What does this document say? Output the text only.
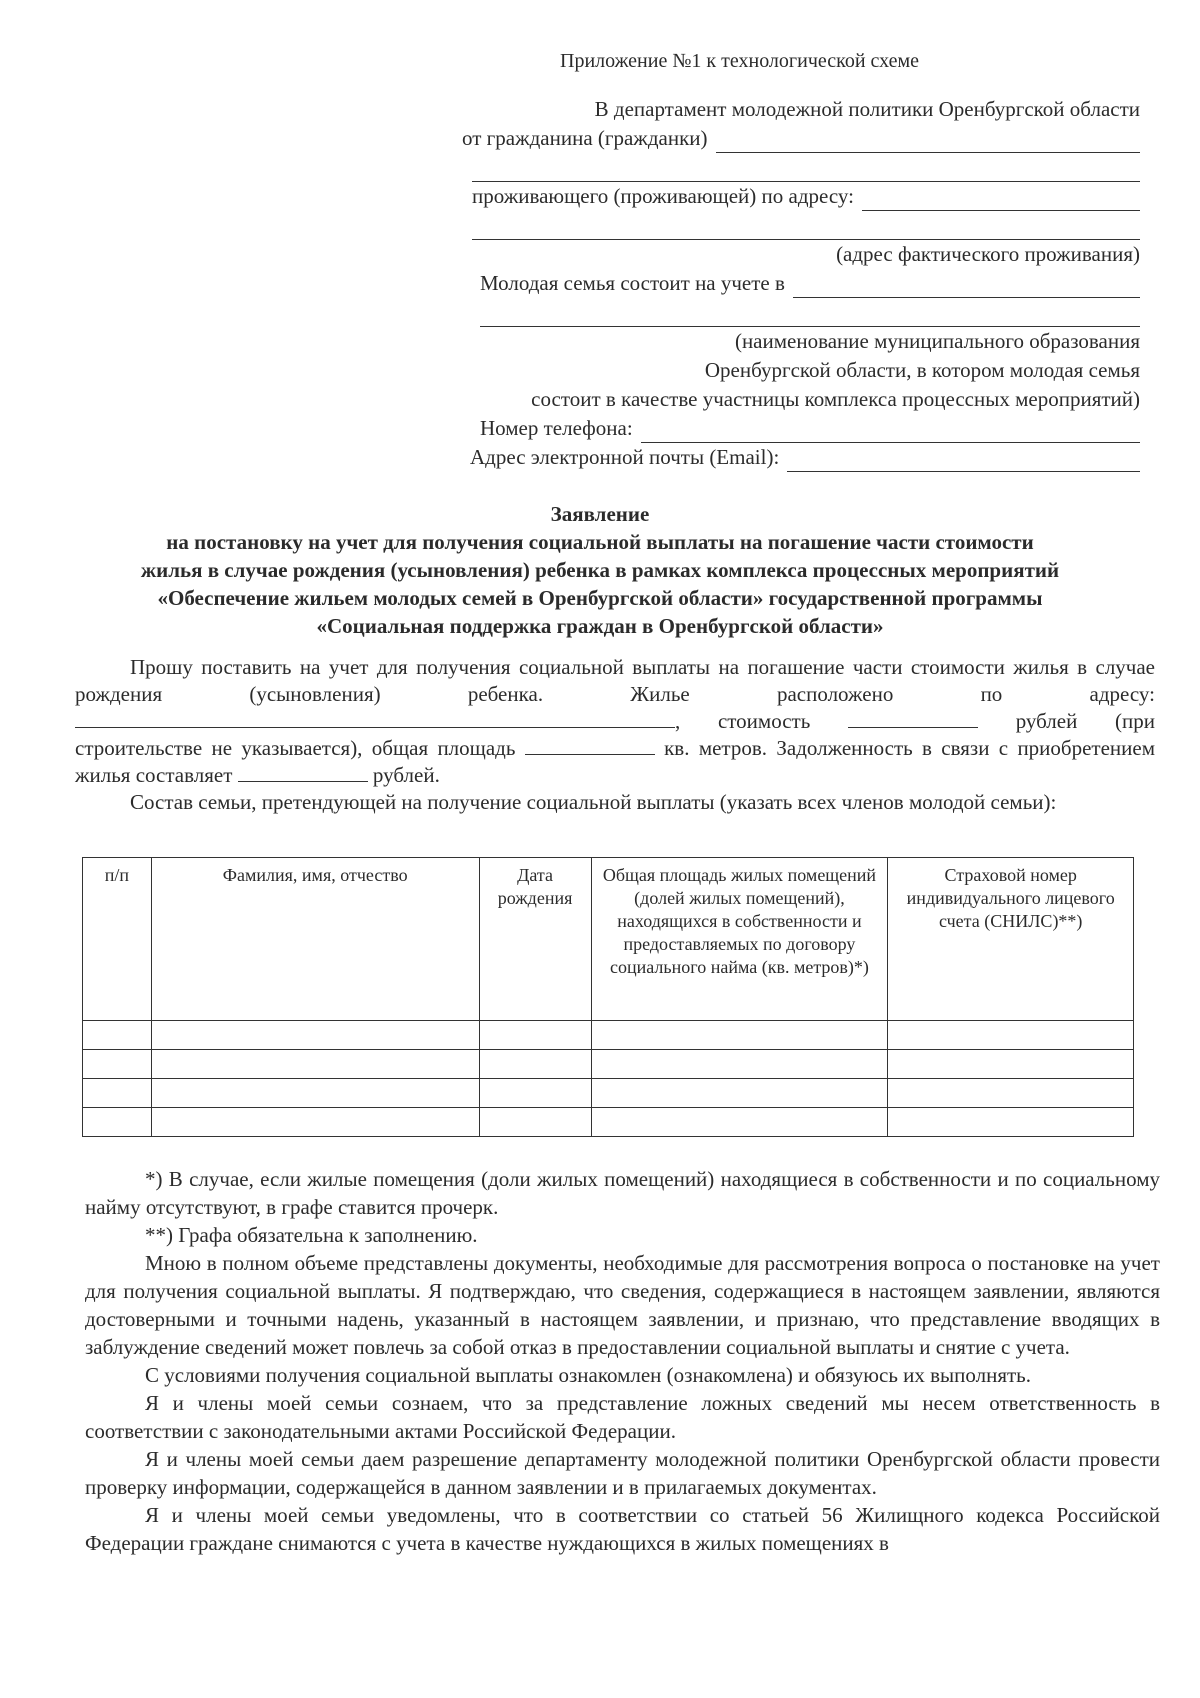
Приложение №1 к технологической схеме
В департамент молодежной политики Оренбургской области
от гражданина (гражданки)
проживающего (проживающей) по адресу:
(адрес фактического проживания)
Молодая семья состоит на учете в
(наименование муниципального образования
Оренбургской области, в котором молодая семья
состоит в качестве участницы комплекса процессных мероприятий)
Номер телефона:
Адрес электронной почты (Email):
Заявление
на постановку на учет для получения социальной выплаты на погашение части стоимости
жилья в случае рождения (усыновления) ребенка в рамках комплекса процессных мероприятий
«Обеспечение жильем молодых семей в Оренбургской области» государственной программы
«Социальная поддержка граждан в Оренбургской области»

Прошу поставить на учет для получения социальной выплаты на погашение части стоимости жилья в случае рождения (усыновления) ребенка. Жилье расположено по адресу: , стоимость	рублей (при строительстве не указывается), общая площадь	кв. метров. Задолженность в связи с приобретением жилья составляет	рублей.

Состав семьи, претендующей на получение социальной выплаты (указать всех членов молодой семьи):

п/п	Фамилия, имя, отчество	Дата рождения	Общая площадь жилых помещений (долей жилых помещений), находящихся в собственности и предоставляемых по договору социального найма (кв. метров)*)	Страховой номер индивидуального лицевого счета (СНИЛС)**)

*) В случае, если жилые помещения (доли жилых помещений) находящиеся в собственности и по социальному найму отсутствуют, в графе ставится прочерк.

**) Графа обязательна к заполнению.

Мною в полном объеме представлены документы, необходимые для рассмотрения вопроса о постановке на учет для получения социальной выплаты. Я подтверждаю, что сведения, содержащиеся в настоящем заявлении, являются достоверными и точными надень, указанный в настоящем заявлении, и признаю, что представление вводящих в заблуждение сведений может повлечь за собой отказ в предоставлении социальной выплаты и снятие с учета.

С условиями получения социальной выплаты ознакомлен (ознакомлена) и обязуюсь их выполнять.

Я и члены моей семьи сознаем, что за представление ложных сведений мы несем ответственность в соответствии с законодательными актами Российской Федерации.

Я и члены моей семьи даем разрешение департаменту молодежной политики Оренбургской области провести проверку информации, содержащейся в данном заявлении и в прилагаемых документах.

Я и члены моей семьи уведомлены, что в соответствии со статьей 56 Жилищного кодекса Российской Федерации граждане снимаются с учета в качестве нуждающихся в жилых помещениях в
